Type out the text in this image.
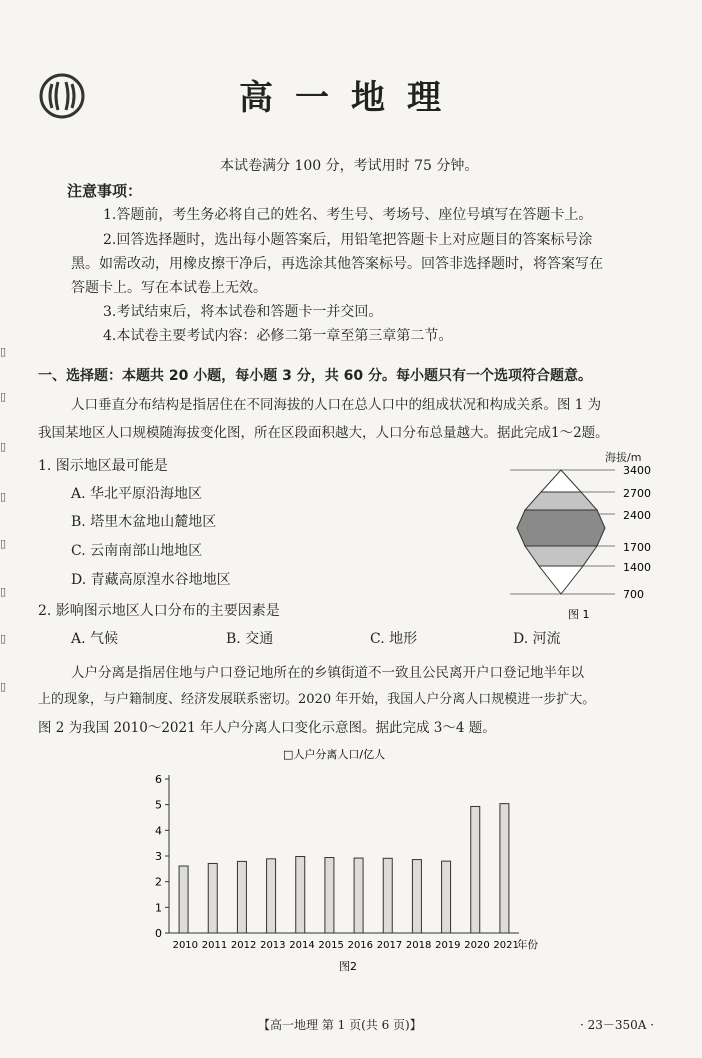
▯
▯
▯
▯
▯
▯
▯
▯
高一地理
本试卷满分 100 分，考试用时 75 分钟。
注意事项：
1.答题前，考生务必将自己的姓名、考生号、考场号、座位号填写在答题卡上。
2.回答选择题时，选出每小题答案后，用铅笔把答题卡上对应题目的答案标号涂
黑。如需改动，用橡皮擦干净后，再选涂其他答案标号。回答非选择题时，将答案写在
答题卡上。写在本试卷上无效。
3.考试结束后，将本试卷和答题卡一并交回。
4.本试卷主要考试内容：必修二第一章至第三章第二节。
一、选择题：本题共 20 小题，每小题 3 分，共 60 分。每小题只有一个选项符合题意。
人口垂直分布结构是指居住在不同海拔的人口在总人口中的组成状况和构成关系。图 1 为
我国某地区人口规模随海拔变化图，所在区段面积越大，人口分布总量越大。据此完成1～2题。
1. 图示地区最可能是
A. 华北平原沿海地区
B. 塔里木盆地山麓地区
C. 云南南部山地地区
D. 青藏高原湟水谷地地区
海拔/m
3400
2700
2400
1700
1400
700
图 1
2. 影响图示地区人口分布的主要因素是
A. 气候	B. 交通	C. 地形	D. 河流
人户分离是指居住地与户口登记地所在的乡镇街道不一致且公民离开户口登记地半年以
上的现象，与户籍制度、经济发展联系密切。2020 年开始，我国人户分离人口规模进一步扩大。
图 2 为我国 2010～2021 年人户分离人口变化示意图。据此完成 3～4 题。
□人户分离人口/亿人
0
1
2
3
4
5
6
2010 2011 2012 2013 2014 2015 2016 2017 2018 2019 2020 2021
年份
图2
【高一地理 第 1 页(共 6 页)】	· 23－350A ·
